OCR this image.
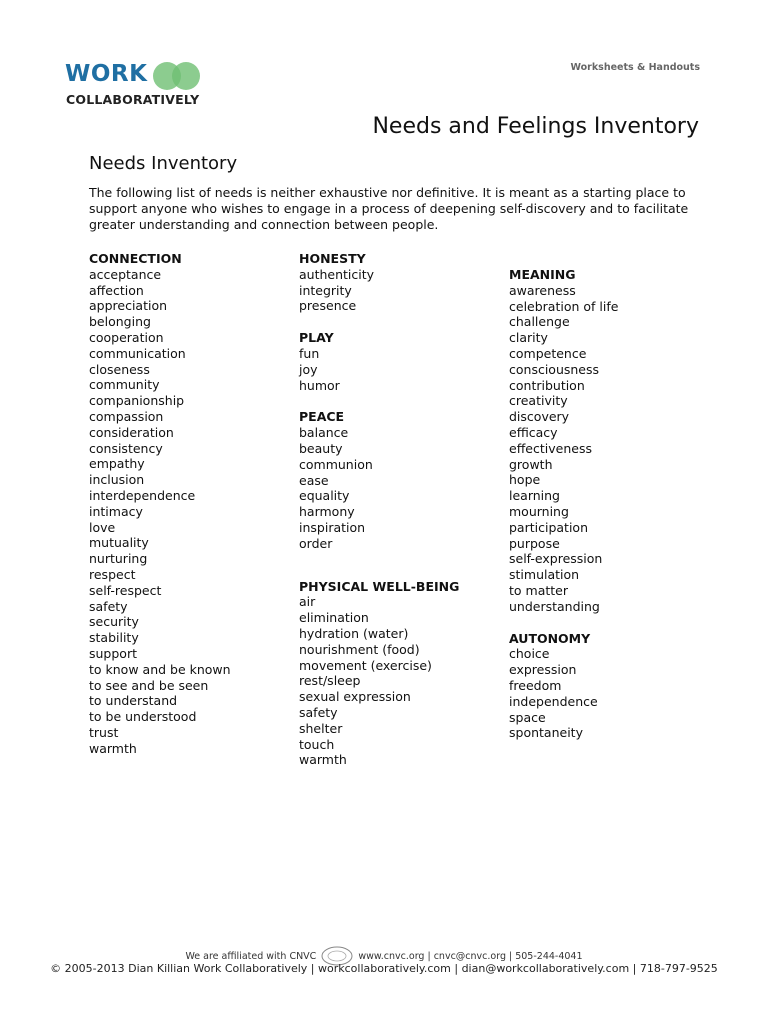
WORK
COLLABORATIVELY
Worksheets & Handouts
Needs and Feelings Inventory
Needs Inventory
The following list of needs is neither exhaustive nor definitive. It is meant as a starting place to support anyone who wishes to engage in a process of deepening self-discovery and to facilitate greater understanding and connection between people.
CONNECTION
acceptance
affection
appreciation
belonging
cooperation
communication
closeness
community
companionship
compassion
consideration
consistency
empathy
inclusion
interdependence
intimacy
love
mutuality
nurturing
respect
self-respect
safety
security
stability
support
to know and be known
to see and be seen
to understand
to be understood
trust
warmth
HONESTY
authenticity
integrity
presence
PLAY
fun
joy
humor
PEACE
balance
beauty
communion
ease
equality
harmony
inspiration
order
PHYSICAL WELL-BEING
air
elimination
hydration (water)
nourishment (food)
movement (exercise)
rest/sleep
sexual expression
safety
shelter
touch
warmth
MEANING
awareness
celebration of life
challenge
clarity
competence
consciousness
contribution
creativity
discovery
efficacy
effectiveness
growth
hope
learning
mourning
participation
purpose
self-expression
stimulation
to matter
understanding
AUTONOMY
choice
expression
freedom
independence
space
spontaneity
We are affiliated with CNVC	www.cnvc.org | cnvc@cnvc.org | 505-244-4041
© 2005-2013 Dian Killian Work Collaboratively | workcollaboratively.com | dian@workcollaboratively.com | 718-797-9525
